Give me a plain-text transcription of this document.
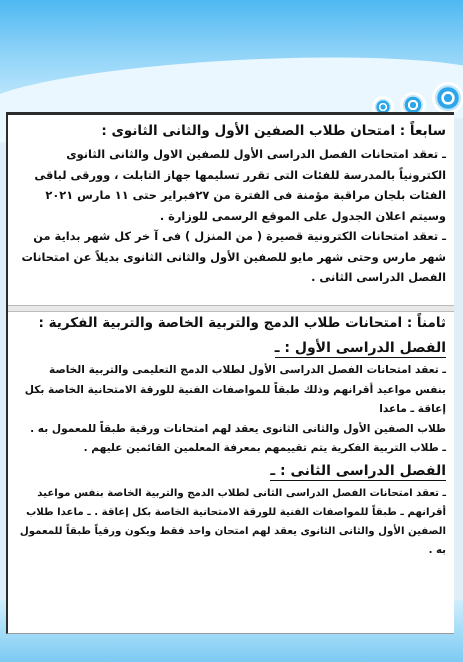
سابعاً : امتحان طلاب الصفين الأول والثانى الثانوى :

ـ تعقد امتحانات الفصل الدراسى الأول للصفين الاول والثانى الثانوى الكترونياً بالمدرسة للفئات التى تقرر تسليمها جهاز التابلت ، وورقى لباقى الفئات بلجان مراقبة مؤمنة فى الفترة من ٢٧فبراير حتى ١١ مارس ٢٠٢١ وسيتم اعلان الجدول على الموقع الرسمى للوزارة .

ـ تعقد امتحانات الكترونية قصيرة ( من المنزل ) فى آ خر كل شهر بداية من شهر مارس وحتى شهر مايو للصفين الأول والثانى الثانوى بديلاً عن امتحانات الفصل الدراسى الثانى .

ثامناً : امتحانات طلاب الدمج والتربية الخاصة والتربية الفكرية :
الفصل الدراسى الأول : ـ

ـ تعقد امتحانات الفصل الدراسى الأول لطلاب الدمج التعليمى والتربية الخاصة بنفس مواعيد أقرانهم وذلك طبقاً للمواصفات الفنية للورقة الامتحانية الخاصة بكل إعاقة ـ ماعدا

طلاب الصفين الأول والثانى الثانوى يعقد لهم امتحانات ورقية طبقاً للمعمول به .

ـ طلاب التربية الفكرية يتم تقييمهم بمعرفة المعلمين القائمين عليهم .

الفصل الدراسى الثانى : ـ

ـ تعقد امتحانات الفصل الدراسى الثانى لطلاب الدمج والتربية الخاصة بنفس مواعيد أقرانهم ـ طبقاً للمواصفات الفنية للورقة الامتحانية الخاصة بكل إعاقة . ـ ماعدا طلاب الصفين الأول والثانى الثانوى يعقد لهم امتحان واحد فقط ويكون ورقياً طبقاً للمعمول به .
